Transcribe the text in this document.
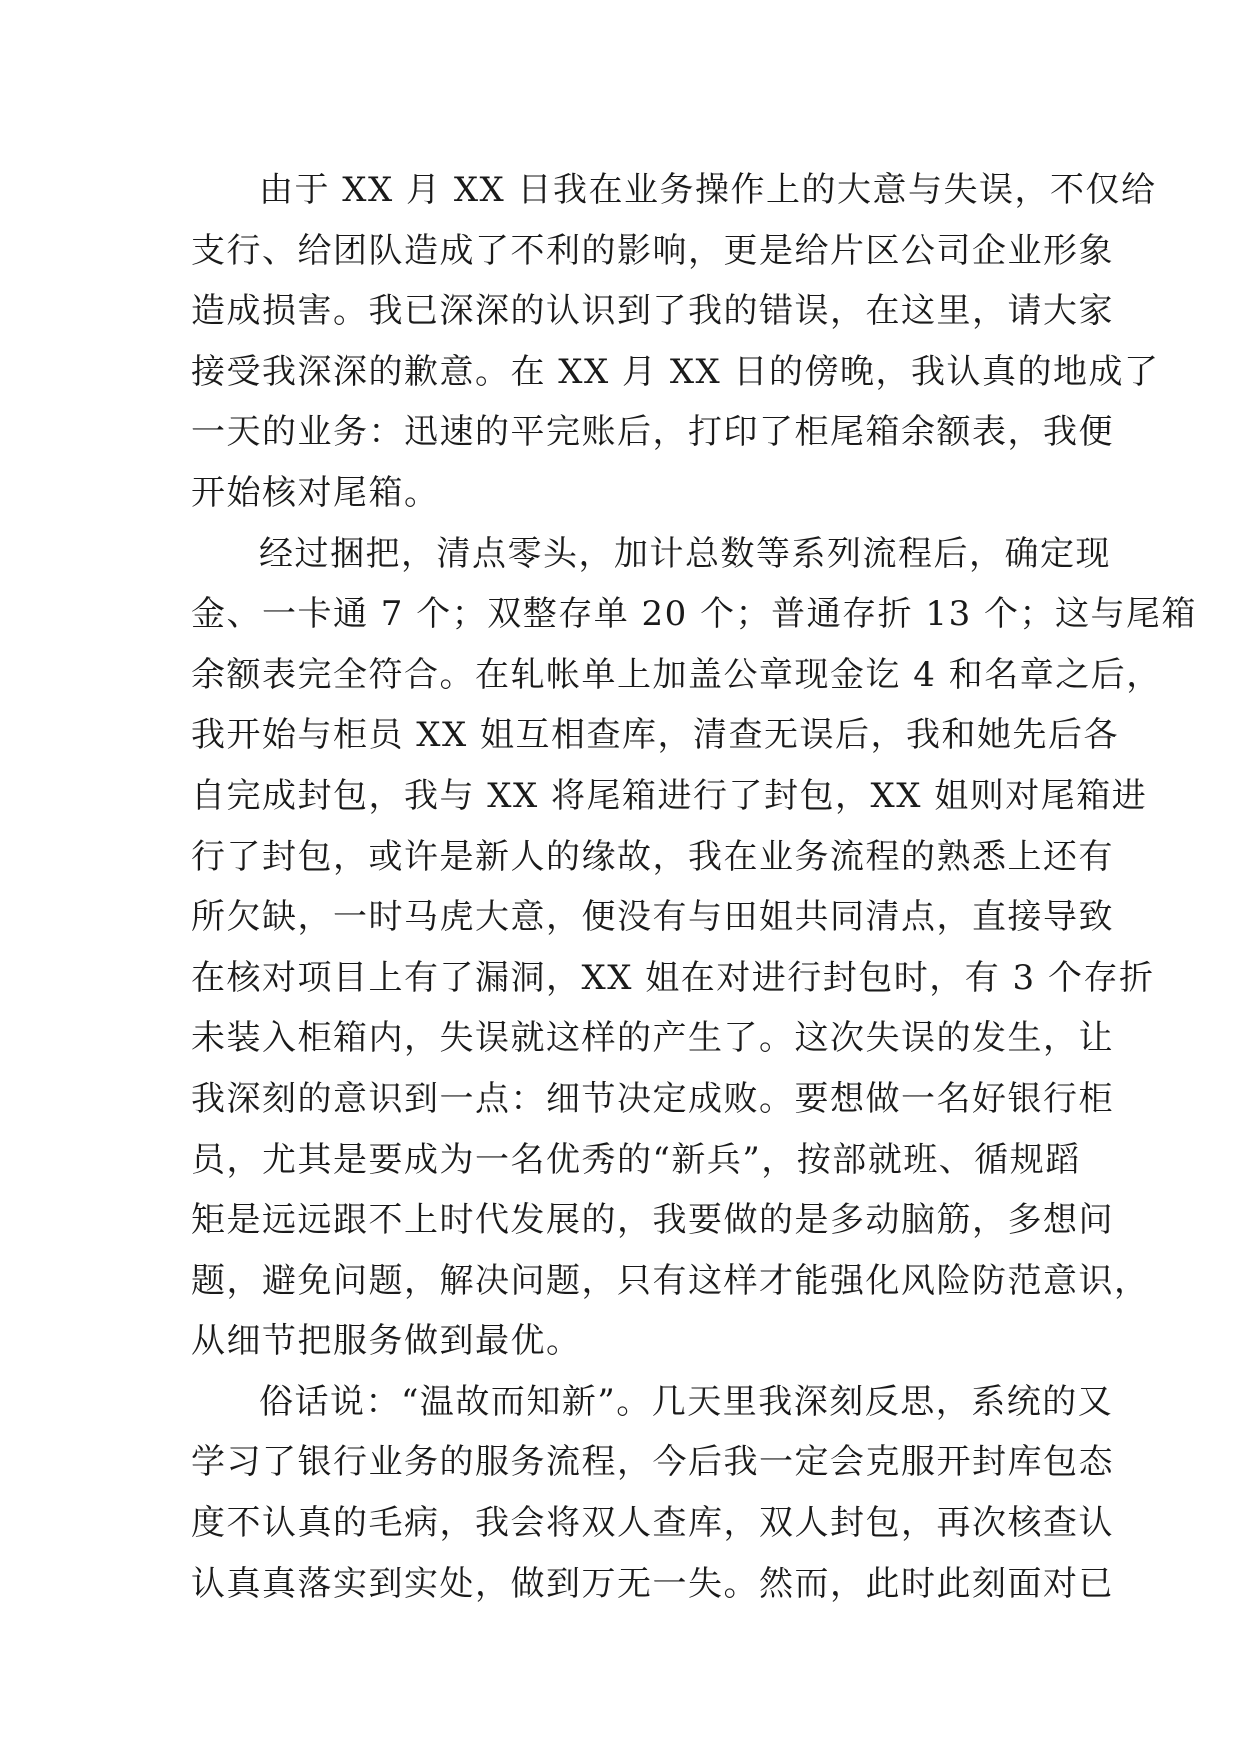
由于 XX 月 XX 日我在业务操作上的大意与失误，不仅给
支行、给团队造成了不利的影响，更是给片区公司企业形象
造成损害。我已深深的认识到了我的错误，在这里，请大家
接受我深深的歉意。在 XX 月 XX 日的傍晚，我认真的地成了
一天的业务：迅速的平完账后，打印了柜尾箱余额表，我便
开始核对尾箱。
经过捆把，清点零头，加计总数等系列流程后，确定现
金、一卡通 7 个；双整存单 20 个；普通存折 13 个；这与尾箱
余额表完全符合。在轧帐单上加盖公章现金讫 4 和名章之后，
我开始与柜员 XX 姐互相查库，清查无误后，我和她先后各
自完成封包，我与 XX 将尾箱进行了封包，XX 姐则对尾箱进
行了封包，或许是新人的缘故，我在业务流程的熟悉上还有
所欠缺，一时马虎大意，便没有与田姐共同清点，直接导致
在核对项目上有了漏洞，XX 姐在对进行封包时，有 3 个存折
未装入柜箱内，失误就这样的产生了。这次失误的发生，让
我深刻的意识到一点：细节决定成败。要想做一名好银行柜
员，尤其是要成为一名优秀的“新兵”，按部就班、循规蹈
矩是远远跟不上时代发展的，我要做的是多动脑筋，多想问
题，避免问题，解决问题，只有这样才能强化风险防范意识，
从细节把服务做到最优。
俗话说：“温故而知新”。几天里我深刻反思，系统的又
学习了银行业务的服务流程，今后我一定会克服开封库包态
度不认真的毛病，我会将双人查库，双人封包，再次核查认
认真真落实到实处，做到万无一失。然而，此时此刻面对已
